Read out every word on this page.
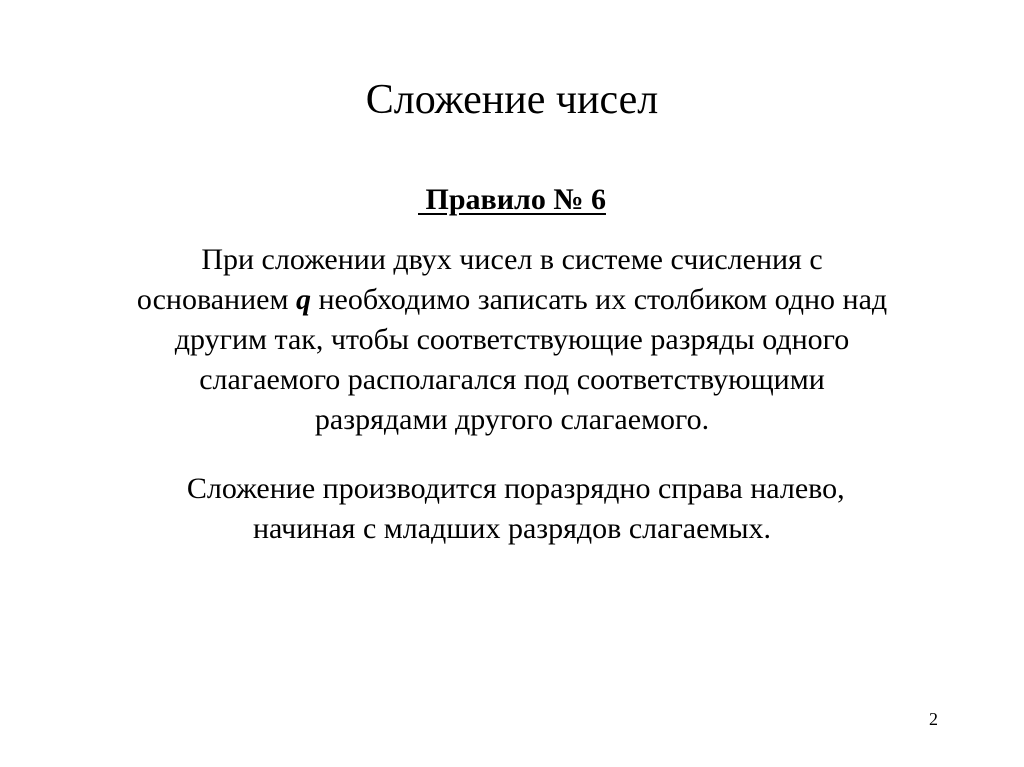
Сложение чисел

Правило № 6

При сложении двух чисел в системе счисления с
основанием q необходимо записать их столбиком одно над
другим так, чтобы соответствующие разряды одного
слагаемого располагался под соответствующими
разрядами другого слагаемого.

Сложение производится поразрядно справа налево,
начиная с младших разрядов слагаемых.

2
